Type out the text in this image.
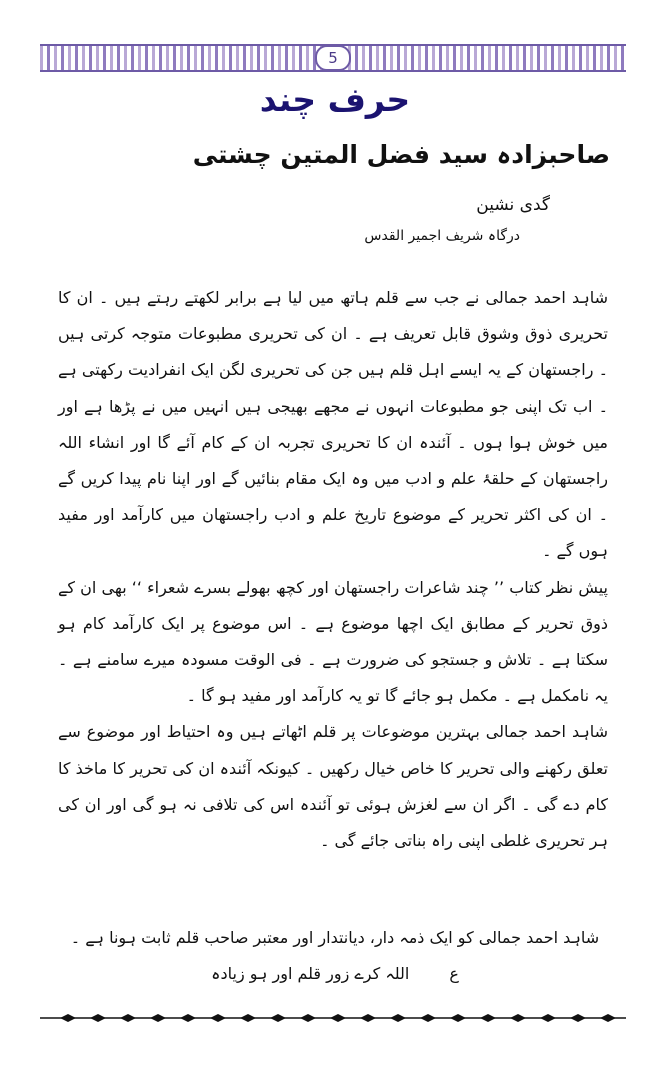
5
حرف چند
صاحبزادہ سید فضل المتین چشتی
گدی نشین
درگاہ شریف اجمیر القدس

شاہد احمد جمالی نے جب سے قلم ہاتھ میں لیا ہے برابر لکھتے رہتے ہیں ۔ ان کا تحریری ذوق وشوق قابل تعریف ہے ۔ ان کی تحریری مطبوعات متوجہ کرتی ہیں ۔ راجستھان کے یہ ایسے اہل قلم ہیں جن کی تحریری لگن ایک انفرادیت رکھتی ہے ۔ اب تک اپنی جو مطبوعات انہوں نے مجھے بھیجی ہیں انہیں میں نے پڑھا ہے اور میں خوش ہوا ہوں ۔ آئندہ ان کا تحریری تجربہ ان کے کام آئے گا اور انشاء اللہ راجستھان کے حلقۂ علم و ادب میں وہ ایک مقام بنائیں گے اور اپنا نام پیدا کریں گے ۔ ان کی اکثر تحریر کے موضوع تاریخ علم و ادب راجستھان میں کارآمد اور مفید ہوں گے ۔

پیش نظر کتاب ’’ چند شاعرات راجستھان اور کچھ بھولے بسرے شعراء ‘‘ بھی ان کے ذوق تحریر کے مطابق ایک اچھا موضوع ہے ۔ اس موضوع پر ایک کارآمد کام ہو سکتا ہے ۔ تلاش و جستجو کی ضرورت ہے ۔ فی الوقت مسودہ میرے سامنے ہے ۔ یہ نامکمل ہے ۔ مکمل ہو جائے گا تو یہ کارآمد اور مفید ہو گا ۔

شاہد احمد جمالی بہترین موضوعات پر قلم اٹھاتے ہیں وہ احتیاط اور موضوع سے تعلق رکھنے والی تحریر کا خاص خیال رکھیں ۔ کیونکہ آئندہ ان کی تحریر کا ماخذ کا کام دے گی ۔ اگر ان سے لغزش ہوئی تو آئندہ اس کی تلافی نہ ہو گی اور ان کی ہر تحریری غلطی اپنی راہ بناتی جائے گی ۔

شاہد احمد جمالی کو ایک ذمہ دار، دیانتدار اور معتبر صاحب قلم ثابت ہونا ہے ۔

ع
اللہ کرے زور قلم اور ہو زیادہ
